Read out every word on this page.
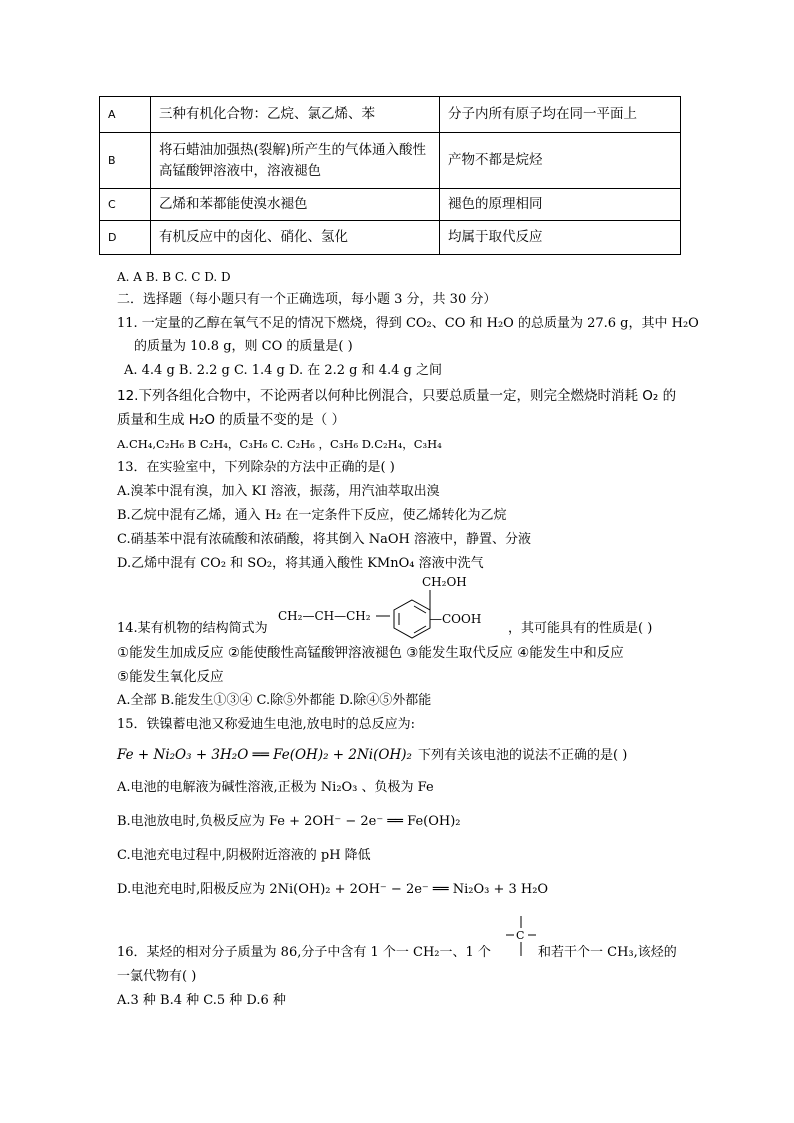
A	三种有机化合物：乙烷、氯乙烯、苯	分子内所有原子均在同一平面上
B	将石蜡油加强热(裂解)所产生的气体通入酸性高锰酸钾溶液中，溶液褪色	产物不都是烷烃
C	乙烯和苯都能使溴水褪色	褪色的原理相同
D	有机反应中的卤化、硝化、氢化	均属于取代反应
A. A B. B C. C D. D
二．选择题（每小题只有一个正确选项，每小题 3 分，共 30 分）
11. 一定量的乙醇在氧气不足的情况下燃烧，得到 CO₂、CO 和 H₂O 的总质量为 27.6 g，其中 H₂O
的质量为 10.8 g，则 CO 的质量是( )
A. 4.4 g B. 2.2 g C. 1.4 g D. 在 2.2 g 和 4.4 g 之间
12.下列各组化合物中，不论两者以何种比例混合，只要总质量一定，则完全燃烧时消耗 O₂ 的
质量和生成 H₂O 的质量不变的是（ ）
A.CH₄,C₂H₆ B C₂H₄，C₃H₆ C. C₂H₆ ，C₃H₆ D.C₂H₄，C₃H₄
13．在实验室中，下列除杂的方法中正确的是( )
A.溴苯中混有溴，加入 KI 溶液，振荡，用汽油萃取出溴
B.乙烷中混有乙烯，通入 H₂ 在一定条件下反应，使乙烯转化为乙烷
C.硝基苯中混有浓硫酸和浓硝酸，将其倒入 NaOH 溶液中，静置、分液
D.乙烯中混有 CO₂ 和 SO₂，将其通入酸性 KMnO₄ 溶液中洗气
14.某有机物的结构简式为
CH₂—CH—CH₂
CH₂OH
—COOH
，其可能具有的性质是( )
①能发生加成反应 ②能使酸性高锰酸钾溶液褪色 ③能发生取代反应 ④能发生中和反应
⑤能发生氧化反应
A.全部 B.能发生①③④ C.除⑤外都能 D.除④⑤外都能
15．铁镍蓄电池又称爱迪生电池,放电时的总反应为:
Fe + Ni₂O₃ + 3H₂O ══ Fe(OH)₂ + 2Ni(OH)₂ 下列有关该电池的说法不正确的是( )
A.电池的电解液为碱性溶液,正极为 Ni₂O₃ 、负极为 Fe
B.电池放电时,负极反应为 Fe + 2OH⁻ − 2e⁻ ══ Fe(OH)₂
C.电池充电过程中,阴极附近溶液的 pH 降低
D.电池充电时,阳极反应为 2Ni(OH)₂ + 2OH⁻ − 2e⁻ ══ Ni₂O₃ + 3 H₂O
16．某烃的相对分子质量为 86,分子中含有 1 个一 CH₂一、1 个
C
和若干个一 CH₃,该烃的
一氯代物有( )
A.3 种 B.4 种 C.5 种 D.6 种
